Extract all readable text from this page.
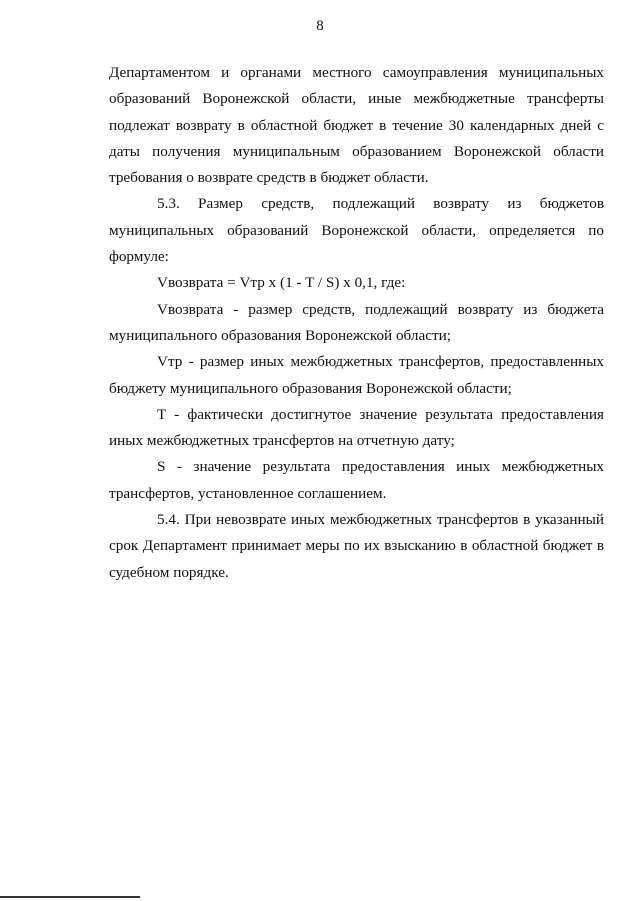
8

Департаментом и органами местного самоуправления муниципальных образований Воронежской области, иные межбюджетные трансферты подлежат возврату в областной бюджет в течение 30 календарных дней с даты получения муниципальным образованием Воронежской области требования о возврате средств в бюджет области.

5.3. Размер средств, подлежащий возврату из бюджетов муниципальных образований Воронежской области, определяется по формуле:

Vвозврата = Vтр x (1 - T / S) x 0,1, где:

Vвозврата - размер средств, подлежащий возврату из бюджета муниципального образования Воронежской области;

Vтр - размер иных межбюджетных трансфертов, предоставленных бюджету муниципального образования Воронежской области;

T - фактически достигнутое значение результата предоставления иных межбюджетных трансфертов на отчетную дату;

S - значение результата предоставления иных межбюджетных трансфертов, установленное соглашением.

5.4. При невозврате иных межбюджетных трансфертов в указанный срок Департамент принимает меры по их взысканию в областной бюджет в судебном порядке.
